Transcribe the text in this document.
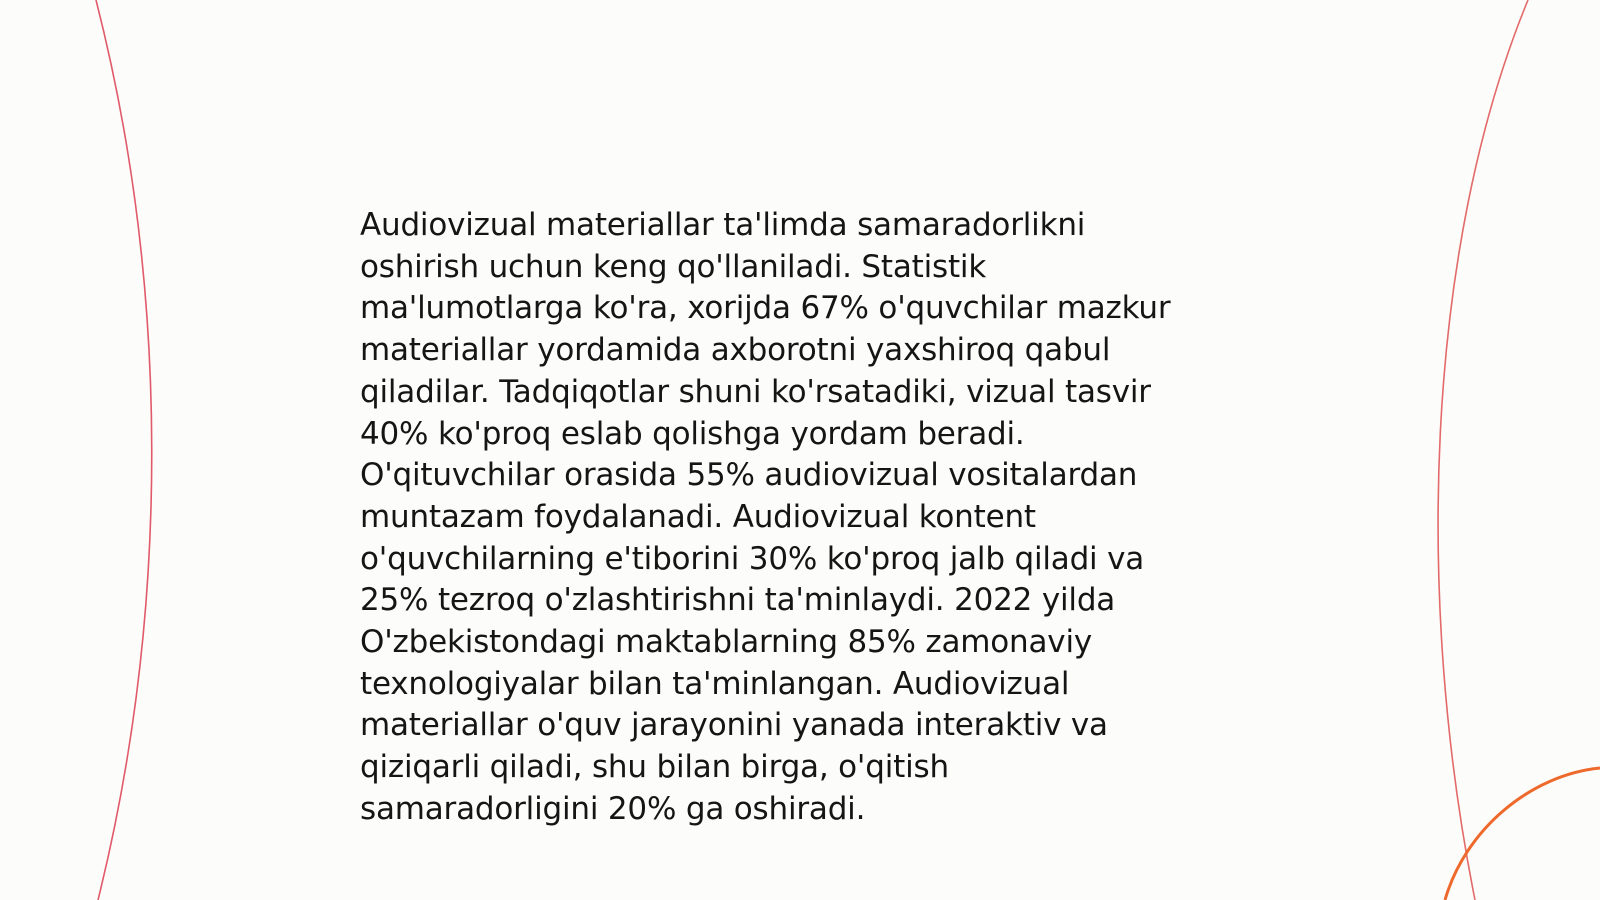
Audiovizual materiallar ta'limda samaradorlikni
oshirish uchun keng qo'llaniladi. Statistik
ma'lumotlarga ko'ra, xorijda 67% o'quvchilar mazkur
materiallar yordamida axborotni yaxshiroq qabul
qiladilar. Tadqiqotlar shuni ko'rsatadiki, vizual tasvir
40% ko'proq eslab qolishga yordam beradi.
O'qituvchilar orasida 55% audiovizual vositalardan
muntazam foydalanadi. Audiovizual kontent
o'quvchilarning e'tiborini 30% ko'proq jalb qiladi va
25% tezroq o'zlashtirishni ta'minlaydi. 2022 yilda
O'zbekistondagi maktablarning 85% zamonaviy
texnologiyalar bilan ta'minlangan. Audiovizual
materiallar o'quv jarayonini yanada interaktiv va
qiziqarli qiladi, shu bilan birga, o'qitish
samaradorligini 20% ga oshiradi.
